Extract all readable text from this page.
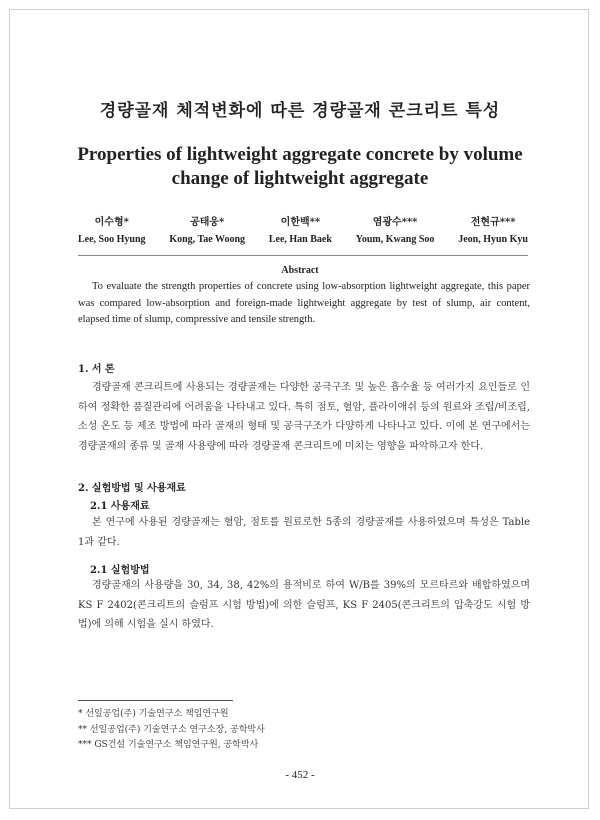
경량골재 체적변화에 따른 경량골재 콘크리트 특성
Properties of lightweight aggregate concrete by volume change of lightweight aggregate
이수형*
Lee, Soo Hyung
공태웅*
Kong, Tae Woong
이한백**
Lee, Han Baek
염광수***
Youm, Kwang Soo
전현규***
Jeon, Hyun Kyu
Abstract
To evaluate the strength properties of concrete using low-absorption lightweight aggregate, this paper was compared low-absorption and foreign-made lightweight aggregate by test of slump, air content, elapsed time of slump, compressive and tensile strength.
1. 서 론
경량골재 콘크리트에 사용되는 경량골재는 다양한 공극구조 및 높은 흡수율 등 여러가지 요인들로 인하여 정확한 품질관리에 어려움을 나타내고 있다. 특히 점토, 혈암, 플라이애쉬 등의 원료와 조립/비조립, 소성 온도 등 제조 방법에 따라 골재의 형태 및 공극구조가 다양하게 나타나고 있다. 이에 본 연구에서는 경량골재의 종류 및 골재 사용량에 따라 경량골재 콘크리트에 미치는 영향을 파악하고자 한다.
2. 실험방법 및 사용재료
2.1 사용재료
본 연구에 사용된 경량골재는 혈암, 점토를 원료로한 5종의 경량골재를 사용하였으며 특성은 Table 1과 같다.
2.1 실험방법
경량골재의 사용량을 30, 34, 38, 42%의 용적비로 하여 W/B를 39%의 모르타르와 배합하였으며 KS F 2402(콘크리트의 슬럼프 시험 방법)에 의한 슬럼프, KS F 2405(콘크리트의 압축강도 시험 방법)에 의해 시험을 실시 하였다.
* 선일공업(주) 기술연구소 책임연구원
** 선일공업(주) 기술연구소 연구소장, 공학박사
*** GS건설 기술연구소 책임연구원, 공학박사
- 452 -
